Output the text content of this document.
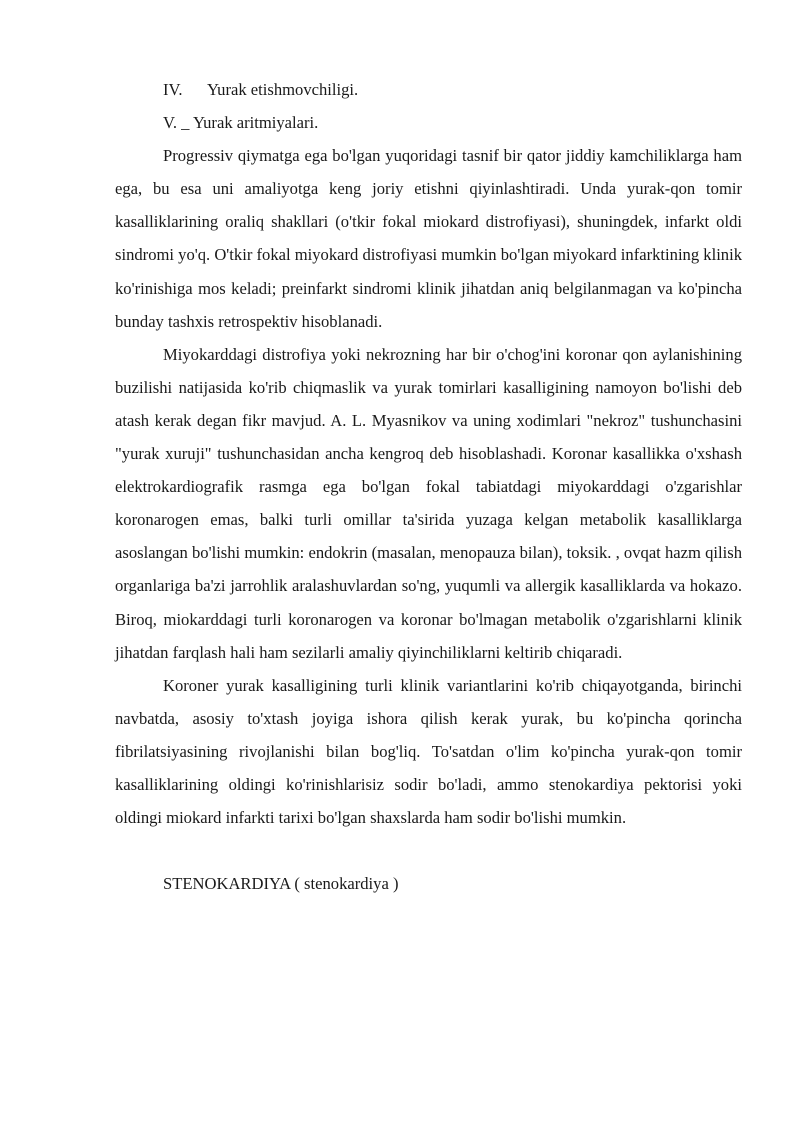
IV. Yurak etishmovchiligi.

V. _ Yurak aritmiyalari.

Progressiv qiymatga ega bo'lgan yuqoridagi tasnif bir qator jiddiy kamchiliklarga ham ega, bu esa uni amaliyotga keng joriy etishni qiyinlashtiradi. Unda yurak-qon tomir kasalliklarining oraliq shakllari (o'tkir fokal miokard distrofiyasi), shuningdek, infarkt oldi sindromi yo'q. O'tkir fokal miyokard distrofiyasi mumkin bo'lgan miyokard infarktining klinik ko'rinishiga mos keladi; preinfarkt sindromi klinik jihatdan aniq belgilanmagan va ko'pincha bunday tashxis retrospektiv hisoblanadi.

Miyokarddagi distrofiya yoki nekrozning har bir o'chog'ini koronar qon aylanishining buzilishi natijasida ko'rib chiqmaslik va yurak tomirlari kasalligining namoyon bo'lishi deb atash kerak degan fikr mavjud. A. L. Myasnikov va uning xodimlari "nekroz" tushunchasini "yurak xuruji" tushunchasidan ancha kengroq deb hisoblashadi. Koronar kasallikka o'xshash elektrokardiografik rasmga ega bo'lgan fokal tabiatdagi miyokarddagi o'zgarishlar koronarogen emas, balki turli omillar ta'sirida yuzaga kelgan metabolik kasalliklarga asoslangan bo'lishi mumkin: endokrin (masalan, menopauza bilan), toksik. , ovqat hazm qilish organlariga ba'zi jarrohlik aralashuvlardan so'ng, yuqumli va allergik kasalliklarda va hokazo. Biroq, miokarddagi turli koronarogen va koronar bo'lmagan metabolik o'zgarishlarni klinik jihatdan farqlash hali ham sezilarli amaliy qiyinchiliklarni keltirib chiqaradi.

Koroner yurak kasalligining turli klinik variantlarini ko'rib chiqayotganda, birinchi navbatda, asosiy to'xtash joyiga ishora qilish kerak yurak, bu ko'pincha qorincha fibrilatsiyasining rivojlanishi bilan bog'liq. To'satdan o'lim ko'pincha yurak-qon tomir kasalliklarining oldingi ko'rinishlarisiz sodir bo'ladi, ammo stenokardiya pektorisi yoki oldingi miokard infarkti tarixi bo'lgan shaxslarda ham sodir bo'lishi mumkin.

STENOKARDIYA ( stenokardiya )
